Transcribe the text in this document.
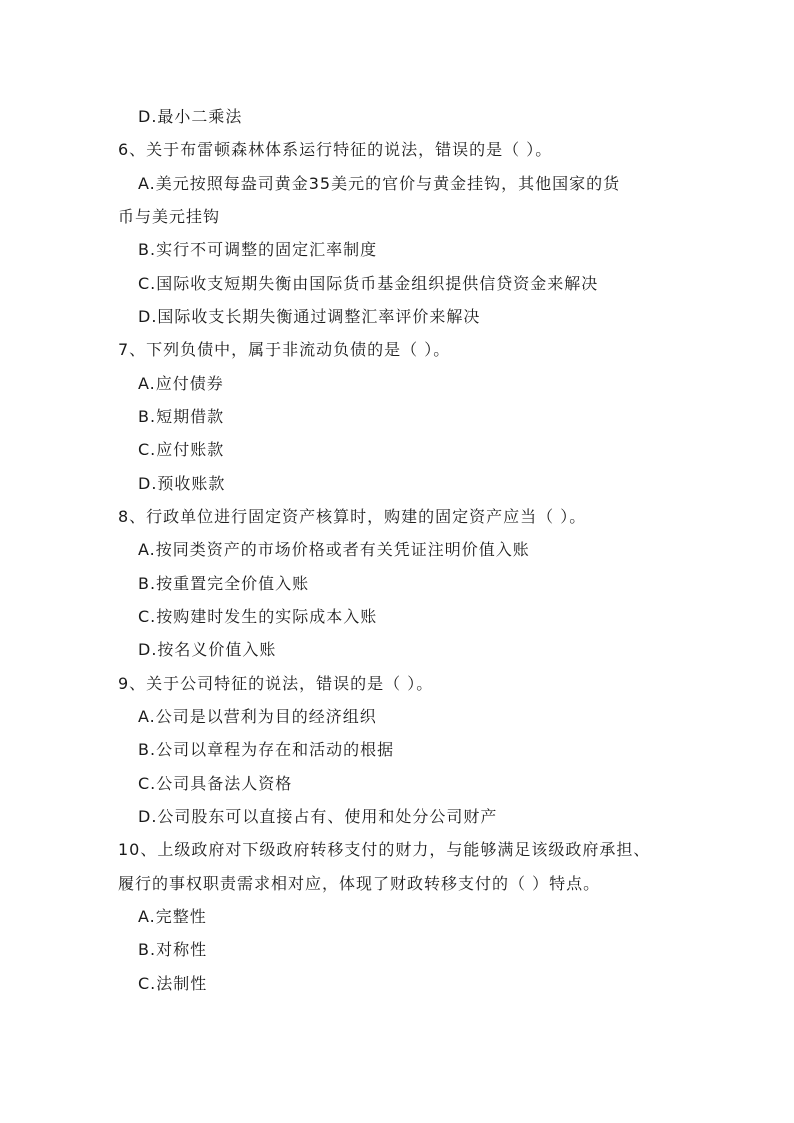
D.最小二乘法
6、关于布雷顿森林体系运行特征的说法，错误的是（ ）。
A.美元按照每盎司黄金35美元的官价与黄金挂钩，其他国家的货
币与美元挂钩
B.实行不可调整的固定汇率制度
C.国际收支短期失衡由国际货币基金组织提供信贷资金来解决
D.国际收支长期失衡通过调整汇率评价来解决
7、下列负债中，属于非流动负债的是（ ）。
A.应付债券
B.短期借款
C.应付账款
D.预收账款
8、行政单位进行固定资产核算时，购建的固定资产应当（ ）。
A.按同类资产的市场价格或者有关凭证注明价值入账
B.按重置完全价值入账
C.按购建时发生的实际成本入账
D.按名义价值入账
9、关于公司特征的说法，错误的是（ ）。
A.公司是以营利为目的经济组织
B.公司以章程为存在和活动的根据
C.公司具备法人资格
D.公司股东可以直接占有、使用和处分公司财产
10、上级政府对下级政府转移支付的财力，与能够满足该级政府承担、
履行的事权职责需求相对应，体现了财政转移支付的（ ）特点。
A.完整性
B.对称性
C.法制性
